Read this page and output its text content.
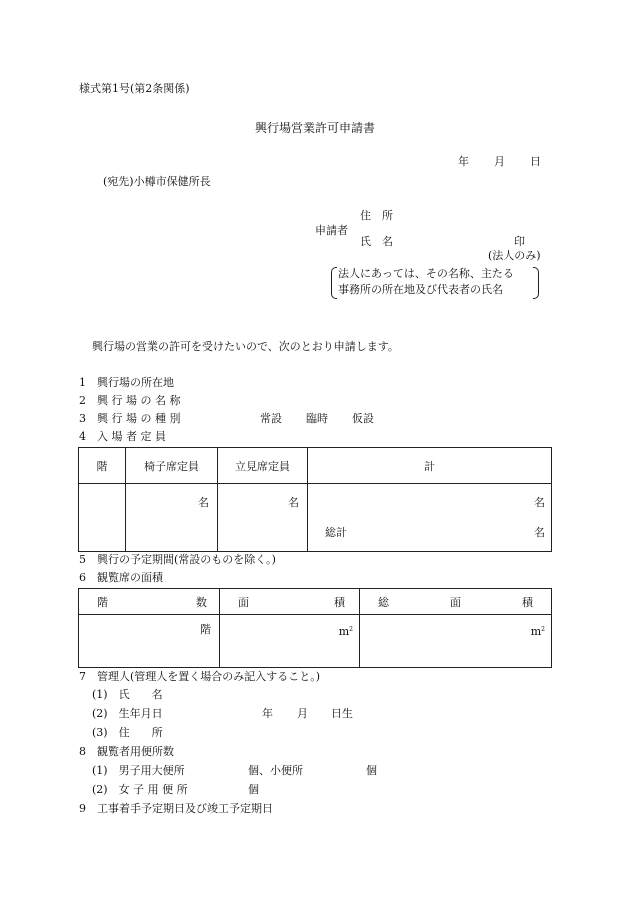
様式第1号(第2条関係)
興行場営業許可申請書
年 月 日
(宛先)小樽市保健所長
住　所
申請者
氏　名	印
(法人のみ)
法人にあっては、その名称、主たる
事務所の所在地及び代表者の氏名
興行場の営業の許可を受けたいので、次のとおり申請します。
1　興行場の所在地
2　興 行 場 の 名 称
3　興 行 場 の 種 別	常設 臨時 仮設
4　入 場 者 定 員
階	椅子席定員	立見席定員	計

	名	名	名
総計 名
5　興行の予定期間(常設のものを除く。)
6　観覧席の面積
階 数	面 積	総 面 積

階	$m^2$	$m^2$
7　管理人(管理人を置く場合のみ記入すること。)
(1)　氏　　名
(2)　生年月日	年 月 日生
(3)　住　　所
8　観覧者用便所数
(1)　男子用大便所	個、小便所	個
(2)　女 子 用 便 所	個
9　工事着手予定期日及び竣工予定期日
